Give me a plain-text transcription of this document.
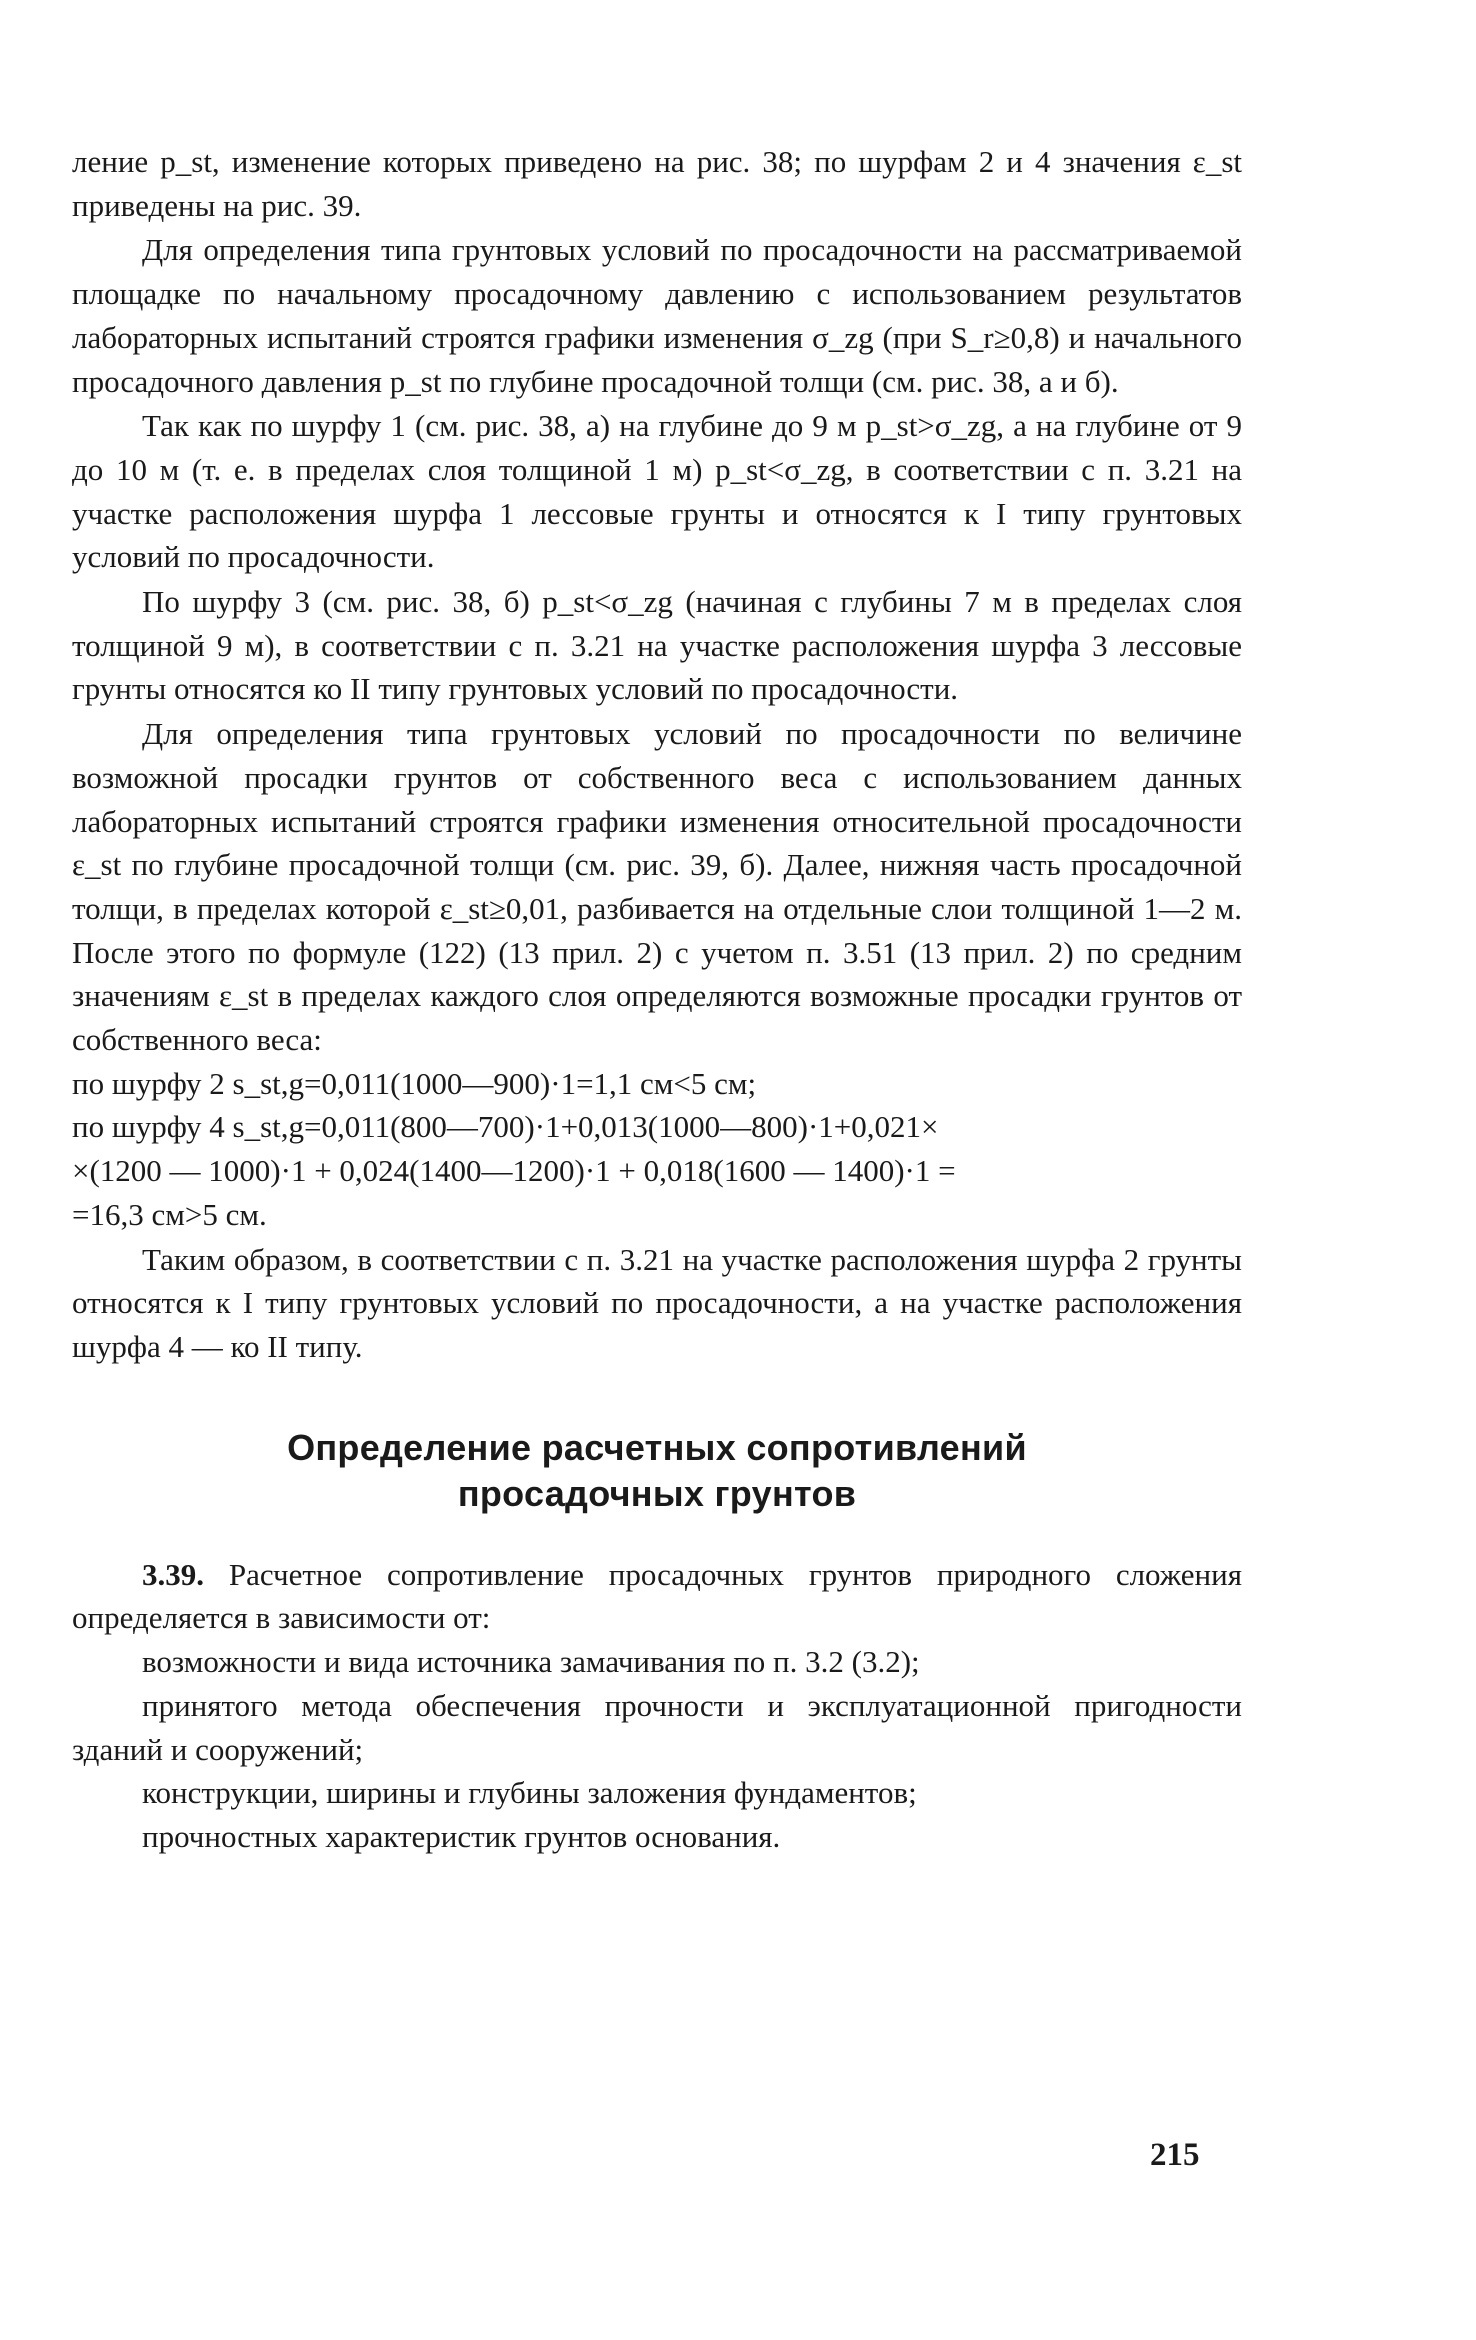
ление p_st, изменение которых приведено на рис. 38; по шурфам 2 и 4 значения ε_st приведены на рис. 39.

Для определения типа грунтовых условий по просадочности на рассматриваемой площадке по начальному просадочному давлению с использованием результатов лабораторных испытаний строятся графики изменения σ_zg (при S_r≥0,8) и начального просадочного давления p_st по глубине просадочной толщи (см. рис. 38, а и б).

Так как по шурфу 1 (см. рис. 38, а) на глубине до 9 м p_st>σ_zg, а на глубине от 9 до 10 м (т. е. в пределах слоя толщиной 1 м) p_st<σ_zg, в соответствии с п. 3.21 на участке расположения шурфа 1 лессовые грунты и относятся к I типу грунтовых условий по просадочности.

По шурфу 3 (см. рис. 38, б) p_st<σ_zg (начиная с глубины 7 м в пределах слоя толщиной 9 м), в соответствии с п. 3.21 на участке расположения шурфа 3 лессовые грунты относятся ко II типу грунтовых условий по просадочности.

Для определения типа грунтовых условий по просадочности по величине возможной просадки грунтов от собственного веса с использованием данных лабораторных испытаний строятся графики изменения относительной просадочности ε_st по глубине просадочной толщи (см. рис. 39, б). Далее, нижняя часть просадочной толщи, в пределах которой ε_st≥0,01, разбивается на отдельные слои толщиной 1—2 м. После этого по формуле (122) (13 прил. 2) с учетом п. 3.51 (13 прил. 2) по средним значениям ε_st в пределах каждого слоя определяются возможные просадки грунтов от собственного веса:

по шурфу 2 s_st,g=0,011(1000—900)·1=1,1 см<5 см;

по шурфу 4 s_st,g=0,011(800—700)·1+0,013(1000—800)·1+0,021×

×(1200 — 1000)·1 + 0,024(1400—1200)·1 + 0,018(1600 — 1400)·1 =

=16,3 см>5 см.

Таким образом, в соответствии с п. 3.21 на участке расположения шурфа 2 грунты относятся к I типу грунтовых условий по просадочности, а на участке расположения шурфа 4 — ко II типу.

Определение расчетных сопротивлений
просадочных грунтов

3.39. Расчетное сопротивление просадочных грунтов природного сложения определяется в зависимости от:

возможности и вида источника замачивания по п. 3.2 (3.2);

принятого метода обеспечения прочности и эксплуатационной пригодности зданий и сооружений;

конструкции, ширины и глубины заложения фундаментов;

прочностных характеристик грунтов основания.

215
